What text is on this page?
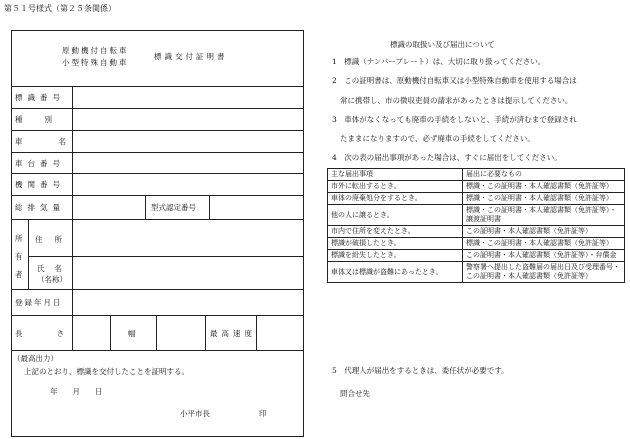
第５１号様式（第２５条関係）
原動機付自転車
小型特殊自動車
標識交付証明書
標識番号
種別
車名
車台番号
機関番号
総排気量	型式認定番号
所有者
住所
氏名
（名称）
登録年月日
長さ	幅	最高速度
（最高出力）
上記のとおり、標識を交付したことを証明する。
年　　月　　日
小平市長	印
標識の取扱い及び届出について
1　標識（ナンバープレート）は、大切に取り扱ってください。
2　この証明書は、原動機付自転車又は小型特殊自動車を使用する場合は
常に携帯し、市の徴収吏員の請求があったときは提示してください。
3　車体がなくなっても廃車の手続をしないと、手続が済むまで登録され
たままになりますので、必ず廃車の手続をしてください。
4　次の表の届出事項があった場合は、すぐに届出をしてください。
主な届出事項	届出に必要なもの
市外に転出するとき。	標識・この証明書・本人確認書類（免許証等）
車体の廃棄処分をするとき。	標識・この証明書・本人確認書類（免許証等）
他の人に譲るとき。	標識・この証明書・本人確認書類（免許証等）・譲渡証明書
市内で住所を変えたとき。	この証明書・本人確認書類（免許証等）
標識が破損したとき。	標識・この証明書・本人確認書類（免許証等）
標識を紛失したとき。	この証明書・本人確認書類（免許証等）・弁償金
車体又は標識が盗難にあったとき。	警察署へ提出した盗難届の届出日及び受理番号・この証明書・本人確認書類（免許証等）
5　代理人が届出をするときは、委任状が必要です。
問合せ先
